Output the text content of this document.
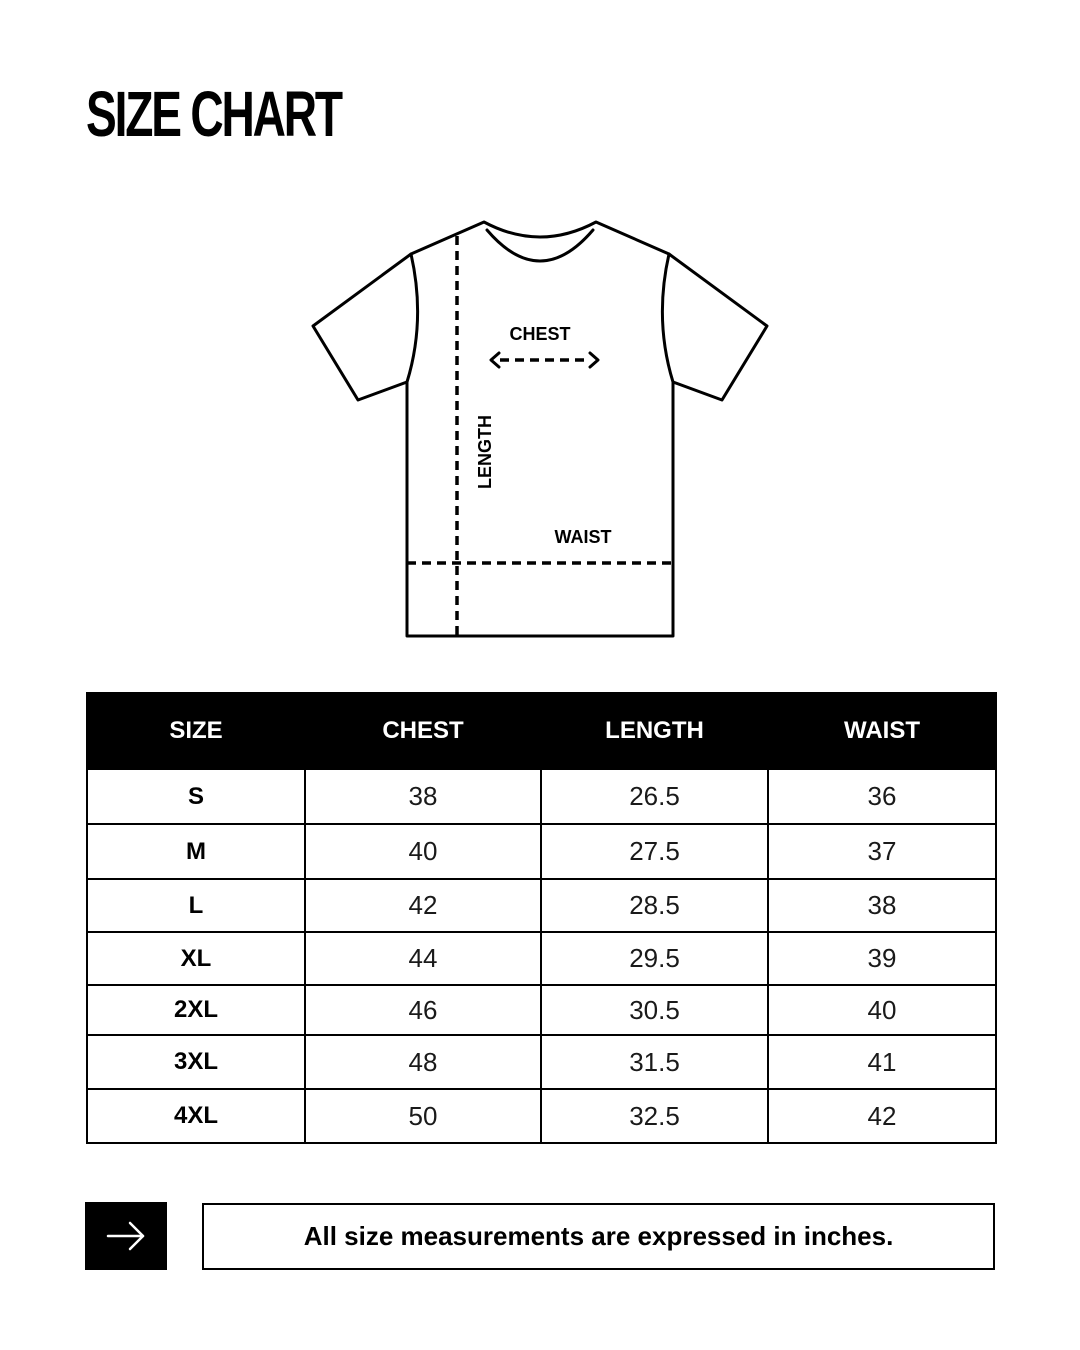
SIZE CHART
CHEST
LENGTH
WAIST
SIZE	CHEST	LENGTH	WAIST
S	38	26.5	36
M	40	27.5	37
L	42	28.5	38
XL	44	29.5	39
2XL	46	30.5	40
3XL	48	31.5	41
4XL	50	32.5	42
All size measurements are expressed in inches.
